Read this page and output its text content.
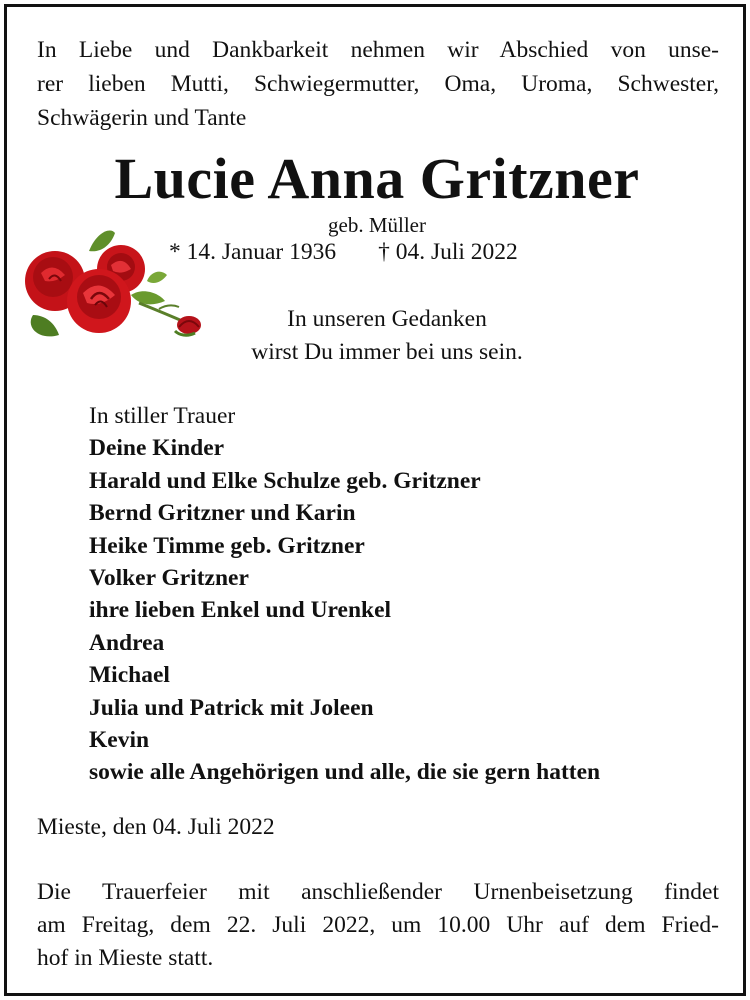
In Liebe und Dankbarkeit nehmen wir Abschied von unse-
rer lieben Mutti, Schwiegermutter, Oma, Uroma, Schwester,
Schwägerin und Tante
Lucie Anna Gritzner
geb. Müller
* 14. Januar 1936 † 04. Juli 2022
In unseren Gedanken
wirst Du immer bei uns sein.
In stiller Trauer
Deine Kinder
Harald und Elke Schulze geb. Gritzner
Bernd Gritzner und Karin
Heike Timme geb. Gritzner
Volker Gritzner
ihre lieben Enkel und Urenkel
Andrea
Michael
Julia und Patrick mit Joleen
Kevin
sowie alle Angehörigen und alle, die sie gern hatten
Mieste, den 04. Juli 2022
Die Trauerfeier mit anschließender Urnenbeisetzung findet
am Freitag, dem 22. Juli 2022, um 10.00 Uhr auf dem Fried-
hof in Mieste statt.
